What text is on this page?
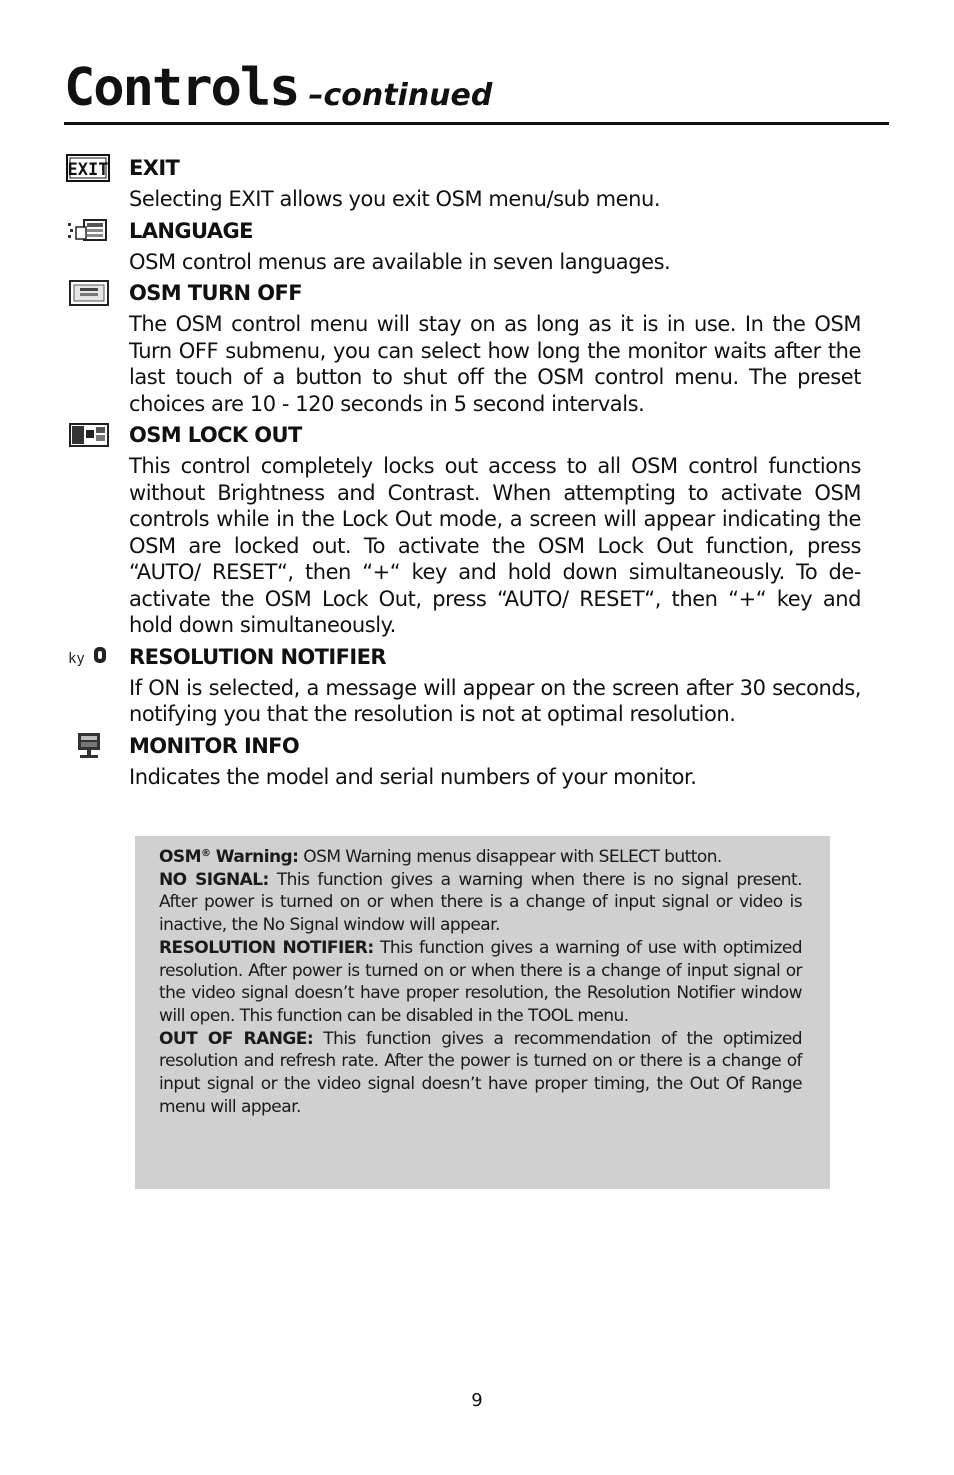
Controls –continued
EXIT EXIT
Selecting EXIT allows you exit OSM menu/sub menu.
LANGUAGE
OSM control menus are available in seven languages.
OSM TURN OFF
The OSM control menu will stay on as long as it is in use. In the OSM Turn OFF submenu, you can select how long the monitor waits after the last touch of a button to shut off the OSM control menu. The preset choices are 10 - 120 seconds in 5 second intervals.
OSM LOCK OUT
This control completely locks out access to all OSM control functions without Brightness and Contrast. When attempting to activate OSM controls while in the Lock Out mode, a screen will appear indicating the OSM are locked out. To activate the OSM Lock Out function, press “AUTO/ RESET“, then “+“ key and hold down simultaneously. To de-activate the OSM Lock Out, press “AUTO/ RESET“, then “+“ key and hold down simultaneously.
ky RESOLUTION NOTIFIER
If ON is selected, a message will appear on the screen after 30 seconds, notifying you that the resolution is not at optimal resolution.
MONITOR INFO
Indicates the model and serial numbers of your monitor.

OSM® Warning: OSM Warning menus disappear with SELECT button.

NO SIGNAL: This function gives a warning when there is no signal present. After power is turned on or when there is a change of input signal or video is inactive, the No Signal window will appear.

RESOLUTION NOTIFIER: This function gives a warning of use with optimized resolution. After power is turned on or when there is a change of input signal or the video signal doesn’t have proper resolution, the Resolution Notifier window will open. This function can be disabled in the TOOL menu.

OUT OF RANGE: This function gives a recommendation of the optimized resolution and refresh rate. After the power is turned on or there is a change of input signal or the video signal doesn’t have proper timing, the Out Of Range menu will appear.

9
